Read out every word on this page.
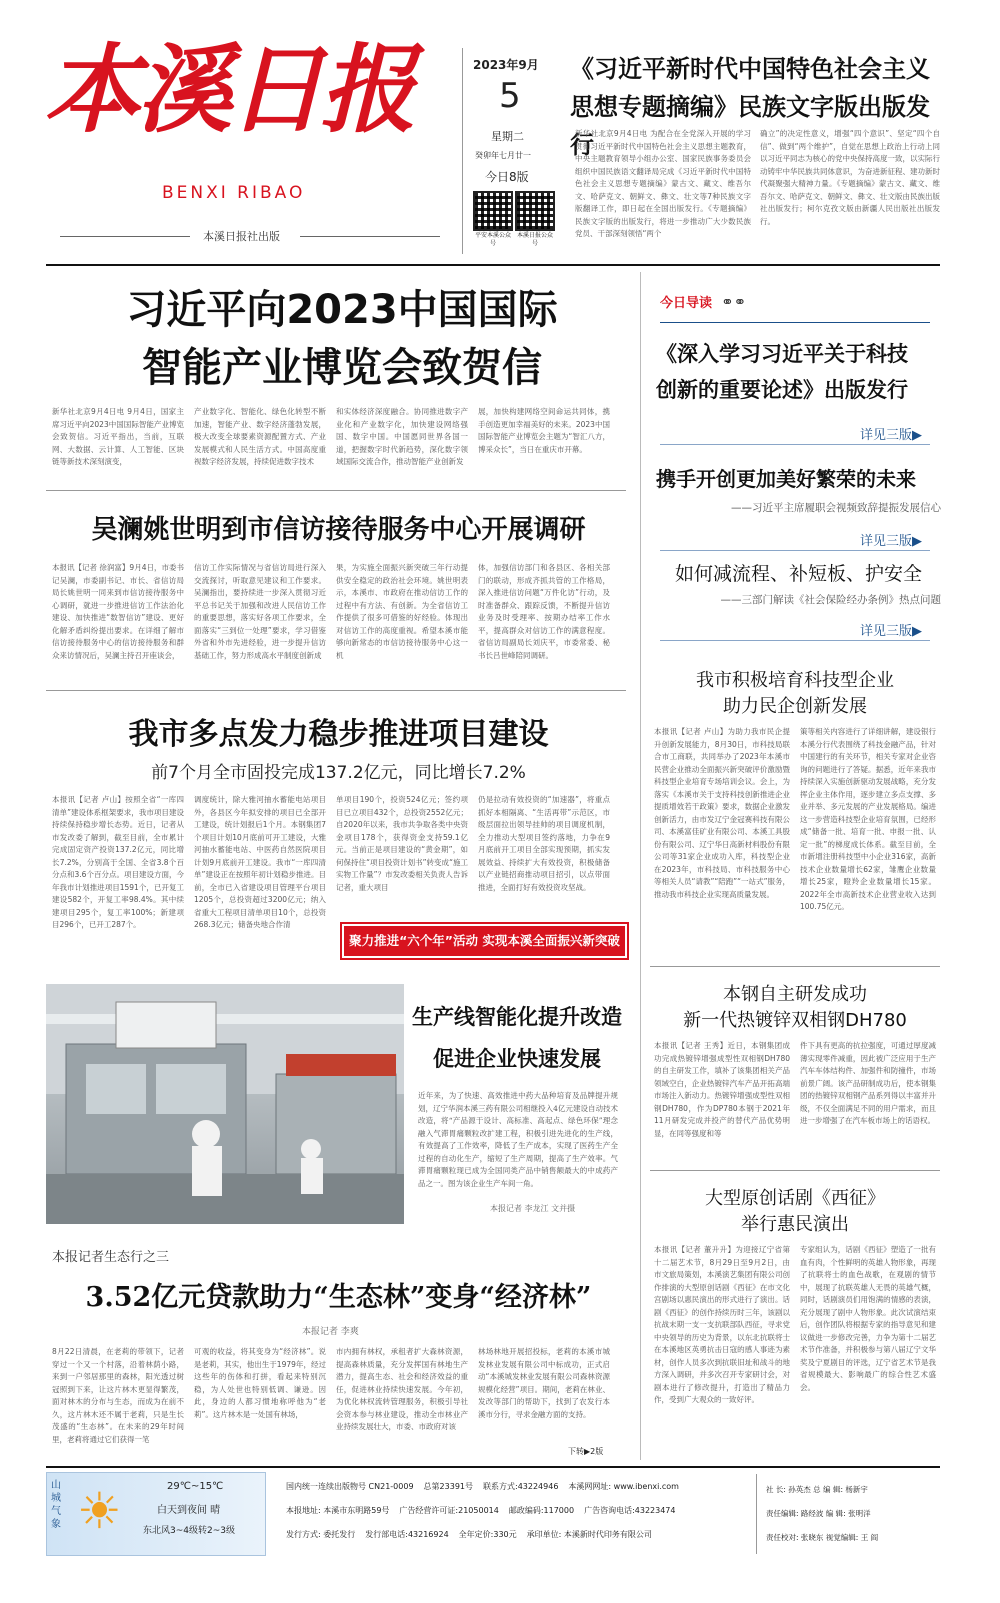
本溪日报
BENXI RIBAO
本溪日报社出版
2023年9月
5
星期二
癸卯年七月廿一
今日8版
平安本溪公众号
本溪日报公众号
《习近平新时代中国特色社会主义思想专题摘编》民族文字版出版发行
新华社北京9月4日电 为配合在全党深入开展的学习贯彻习近平新时代中国特色社会主义思想主题教育，中央主题教育领导小组办公室、国家民族事务委员会组织中国民族语文翻译局完成《习近平新时代中国特色社会主义思想专题摘编》蒙古文、藏文、维吾尔文、哈萨克文、朝鲜文、彝文、壮文等7种民族文字版翻译工作，即日起在全国出版发行。《专题摘编》民族文字版的出版发行，将进一步推动广大少数民族党员、干部深刻领悟“两个
确立”的决定性意义，增强“四个意识”、坚定“四个自信”、做到“两个维护”，自觉在思想上政治上行动上同以习近平同志为核心的党中央保持高度一致，以实际行动铸牢中华民族共同体意识，为奋进新征程、建功新时代凝聚强大精神力量。《专题摘编》蒙古文、藏文、维吾尔文、哈萨克文、朝鲜文、彝文、壮文版由民族出版社出版发行；柯尔克孜文版由新疆人民出版社出版发行。
习近平向2023中国国际
智能产业博览会致贺信
新华社北京9月4日电 9月4日，国家主席习近平向2023中国国际智能产业博览会致贺信。习近平指出，当前，互联网、大数据、云计算、人工智能、区块链等新技术深刻演变，
产业数字化、智能化、绿色化转型不断加速，智能产业、数字经济蓬勃发展，极大改变全球要素资源配置方式、产业发展模式和人民生活方式。中国高度重视数字经济发展，持续促进数字技术
和实体经济深度融合。协同推进数字产业化和产业数字化，加快建设网络强国、数字中国。中国愿同世界各国一道，把握数字时代新趋势，深化数字领域国际交流合作，推动智能产业创新发
展，加快构建网络空间命运共同体，携手创造更加幸福美好的未来。2023中国国际智能产业博览会主题为“智汇八方，博采众长”，当日在重庆市开幕。
吴澜姚世明到市信访接待服务中心开展调研
本报讯【记者 徐润富】9月4日，市委书记吴澜，市委副书记、市长、省信访局局长姚世明一同来到市信访接待服务中心调研，就进一步推进信访工作法治化建设、加快推进“数智信访”建设、更好化解矛盾纠纷提出要求。在详细了解市信访接待服务中心的信访接待服务和群众来访情况后，吴澜主持召开座谈会，
信访工作实际情况与省信访局进行深入交流探讨，听取意见建议和工作要求。吴澜指出，要持续进一步深入贯彻习近平总书记关于加强和改进人民信访工作的重要思想，落实好各项工作要求，全面落实“三到位一处理”要求，学习借鉴外省和外市先进经验，进一步提升信访基础工作，努力形成高水平制度创新成
果，为实施全面振兴新突破三年行动提供安全稳定的政治社会环境。姚世明表示，本溪市、市政府在推动信访工作的过程中有方法、有创新。为全省信访工作提供了很多可借鉴的好经验。体现出对信访工作的高度重视。希望本溪市能够向新常态的市信访接待服务中心这一机
体，加强信访部门和各县区、各相关部门的联动，形成齐抓共管的工作格局，深入推进信访问题“万件化访”行动，及时准备群众、跟踪反馈，不断提升信访业务及时受理率、按期办结率工作水平，提高群众对信访工作的满意程度。省信访局副局长刘庆平，市委常委、秘书长吕世峰陪同调研。
我市多点发力稳步推进项目建设
前7个月全市固投完成137.2亿元，同比增长7.2%
本报讯【记者 卢山】按照全省“一库四清单”建设体系框架要求，我市项目建设持续保持稳步增长态势。近日，记者从市发改委了解到，截至目前，全市累计完成固定资产投资137.2亿元，同比增长7.2%，分别高于全国、全省3.8个百分点和3.6个百分点。项目建设方面，今年我市计划推进项目1591个，已开复工建设582个，开复工率98.4%。其中续建项目295个，复工率100%；新建项目296个，已开工287个。
调度统计，除大雅河抽水蓄能电站项目外，各县区今年拟安排的项目已全部开工建设，统计划报后1个月。本钢集团7个项目计划10月底前可开工建设，大雅河抽水蓄能电站、中医药自然医院项目计划9月底前开工建设。我市“一库四清单”建设正在按照年初计划稳步推进。目前，全市已入省建设项目管理平台项目1205个，总投资超过3200亿元；纳入省重大工程项目清单项目10个，总投资268.3亿元；储备央地合作清
单项目190个，投资524亿元；签约项目已立项目432个，总投资2552亿元；自2020年以来，我市共争取各类中央资金项目178个，获得资金支持59.1亿元。当前正是项目建设的“黄金期”，如何保持住“项目投资计划书”转变成“施工实物工作量”？市发改委相关负责人告诉记者，重大项目
仍是拉动有效投资的“加速器”，将重点抓好本相隔离、“生活再带”示范区，市级层面拉出领导挂帅的项目调度机制，全力推动大型项目签约落地，力争在9月底前开工项目全部实现预期，抓实发展效益、持续扩大有效投资，积极储备以产业链招商推动项目招引，以点带面推进，全面打好有效投资攻坚战。
聚力推进“六个年”活动 实现本溪全面振兴新突破
生产线智能化提升改造
促进企业快速发展
近年来，为了快速、高效推进中药大品种培育及品牌提升规划，辽宁华润本溪三药有限公司相继投入4亿元建设自动技术改造，将“产品源于设计、高标准、高起点、绿色环保”理念融入气滞胃痛颗粒改扩建工程，积极引进先进化的生产线，有效提高了工作效率，降低了生产成本，实现了医药生产全过程的自动化生产，缩短了生产周期，提高了生产效率。气滞胃痛颗粒现已成为全国同类产品中销售额最大的中成药产品之一。图为该企业生产车间一角。
本报记者 李龙江 文并摄
本报记者生态行之三
3.52亿元贷款助力“生态林”变身“经济林”
本报记者 李爽
8月22日清晨，在老莉的带领下，记者穿过一个又一个村落，沿着林荫小路，来到一户邻居那里的森林，阳光透过树冠照到下来，让这片林木更显得繁茂，面对林木的分布与生态，而成为在前不久，这片林木还不属于老莉，只是生长茂盛的“生态林”。在未来的29年时间里，老莉将通过它们获得一笔
可观的收益，将其变身为“经济林”。说是老莉，其实，他出生于1979年，经过这些年的伤体和打拼，看起来特别沉稳，为人处世也特别低调、谦逊。因此，身边的人都习惯地称呼他为“老莉”。这片林木是一处国有林场，
市内拥有林权，承租者扩大森林资源，提高森林质量，充分发挥国有林地生产潜力，提高生态、社会和经济效益的重任，促进林业持续快速发展。今年初，为优化林权流转管理服务，积极引导社会资本参与林业建设，推动全市林业产业持续发展壮大，市委、市政府对该
林场林地开展招投标，老莉的本溪市城发林业发展有限公司中标成功，正式启动“本溪城发林业发展有限公司森林资源规模化经营”项目。期间，老莉在林业、发改等部门的帮助下，找到了农发行本溪市分行，寻求金融方面的支持。
下转▶2版
今日导读 ⚭⚭
《深入学习习近平关于科技
创新的重要论述》出版发行
详见三版▶
携手开创更加美好繁荣的未来
——习近平主席履职会视频致辞提振发展信心
详见三版▶
如何减流程、补短板、护安全
——三部门解读《社会保险经办条例》热点问题
详见三版▶
我市积极培育科技型企业
助力民企创新发展
本报讯【记者 卢山】为助力我市民企提升创新发展能力，8月30日，市科技局联合市工商联，共同举办了2023年本溪市民营企业推动全面振兴新突破评价激励暨科技型企业培育专场培训会议。会上，为落实《本溪市关于支持科技创新推进企业提质增效若干政策》要求，数据企业激发创新活力，由市发辽宁金冠赛科技有限公司、本溪富佳矿业有限公司、本溪工具股份有限公司、辽宁华日高新材料股份有限公司等31家企业成功入库，科技型企业在2023年，市科技局、市科技服务中心等相关人员“请教”“陪跑”“一站式”服务，推动我市科技企业实现高质量发展。
策等相关内容进行了详细讲解，建设银行本溪分行代表围绕了科技金融产品，针对中国建行的有关环节，相关专家对企业咨询的问题进行了答疑。据悉，近年来我市持续深入实施创新驱动发展战略，充分发挥企业主体作用，逐步建立多点支撑、多业并举、多元发展的产业发展格局。编进这一步营造科技型企业培育氛围，已经形成“储备一批、培育一批、申报一批、认定一批”的梯度成长体系。截至目前，全市新增注册科技型中小企业316家，高新技术企业数量增长62家，雏鹰企业数量增长25家，瞪羚企业数量增长15家。2022年全市高新技术企业营业收入达到100.75亿元。
本钢自主研发成功
新一代热镀锌双相钢DH780
本报讯【记者 王秀】近日，本钢集团成功完成热镀锌增强成型性双相钢DH780的自主研发工作，填补了该集团相关产品领域空白，企业热镀锌汽车产品开拓高端市场注入新动力。热镀锌增强成型性双相钢DH780，作为DP780本钢于2021年11月研发完成并投产的替代产品优势明显，在同等强度和等
件下具有更高的抗拉强度，可通过厚度减薄实现零件减重，因此被广泛应用于生产汽车车体结构件、加强件和防撞件，市场前景广阔。该产品研制成功后，使本钢集团的热镀锌双相钢产品系列得以丰富并升级，不仅全面满足不同的用户需求，而且进一步增强了在汽车板市场上的话语权。
大型原创话剧《西征》
举行惠民演出
本报讯【记者 董升升】为迎接辽宁省第十二届艺术节，8月29日至9月2日，由市文旅局策划，本溪演艺集团有限公司创作排演的大型原创话剧《西征》在市文化宫剧场以惠民演出的形式进行了演出。话剧《西征》的创作持续历时三年，该剧以抗战末期一支一支抗联部队西征，寻求党中央领导的历史为背景，以东北抗联将士在本溪地区英勇抗击日寇的感人事迹为素材，创作人员多次到抗联旧址和战斗的地方深入调研，并多次召开专家研讨会，对剧本进行了修改提升，打造出了精品力作，受到广大观众的一致好评。
专家组认为，话剧《西征》塑造了一批有血有肉，个性鲜明的英雄人物形象，再现了抗联将士的血色战歌，在观剧的情节中，展现了抗联英雄人无畏的英雄气概，同时，话剧演员们用饱满的情感的表演，充分展现了剧中人物形象。此次试演结束后，创作团队将根据专家的指导意见和建议做进一步修改完善，力争为第十二届艺术节作准备，并积极参与第八届辽宁文华奖及宁夏剧目的评选，辽宁省艺术节是我省规模最大、影响最广的综合性艺术盛会。
山城气象 ☀	29℃~15℃
白天到夜间 晴
东北风3~4级转2~3级
国内统一连续出版物号 CN21-0009 总第23391号 联系方式:43224946 本溪网网址: www.ibenxi.com
本报地址: 本溪市东明路59号 广告经营许可证:21050014 邮政编码:117000 广告咨询电话:43223474
发行方式: 委托发行 发行部电话:43216924 全年定价:330元 承印单位: 本溪新时代印务有限公司
社 长: 孙英杰 总 编 辑: 杨新宇
责任编辑: 路经波 编 辑: 张明洋
责任校对: 张晓东 视觉编辑: 王 阎
